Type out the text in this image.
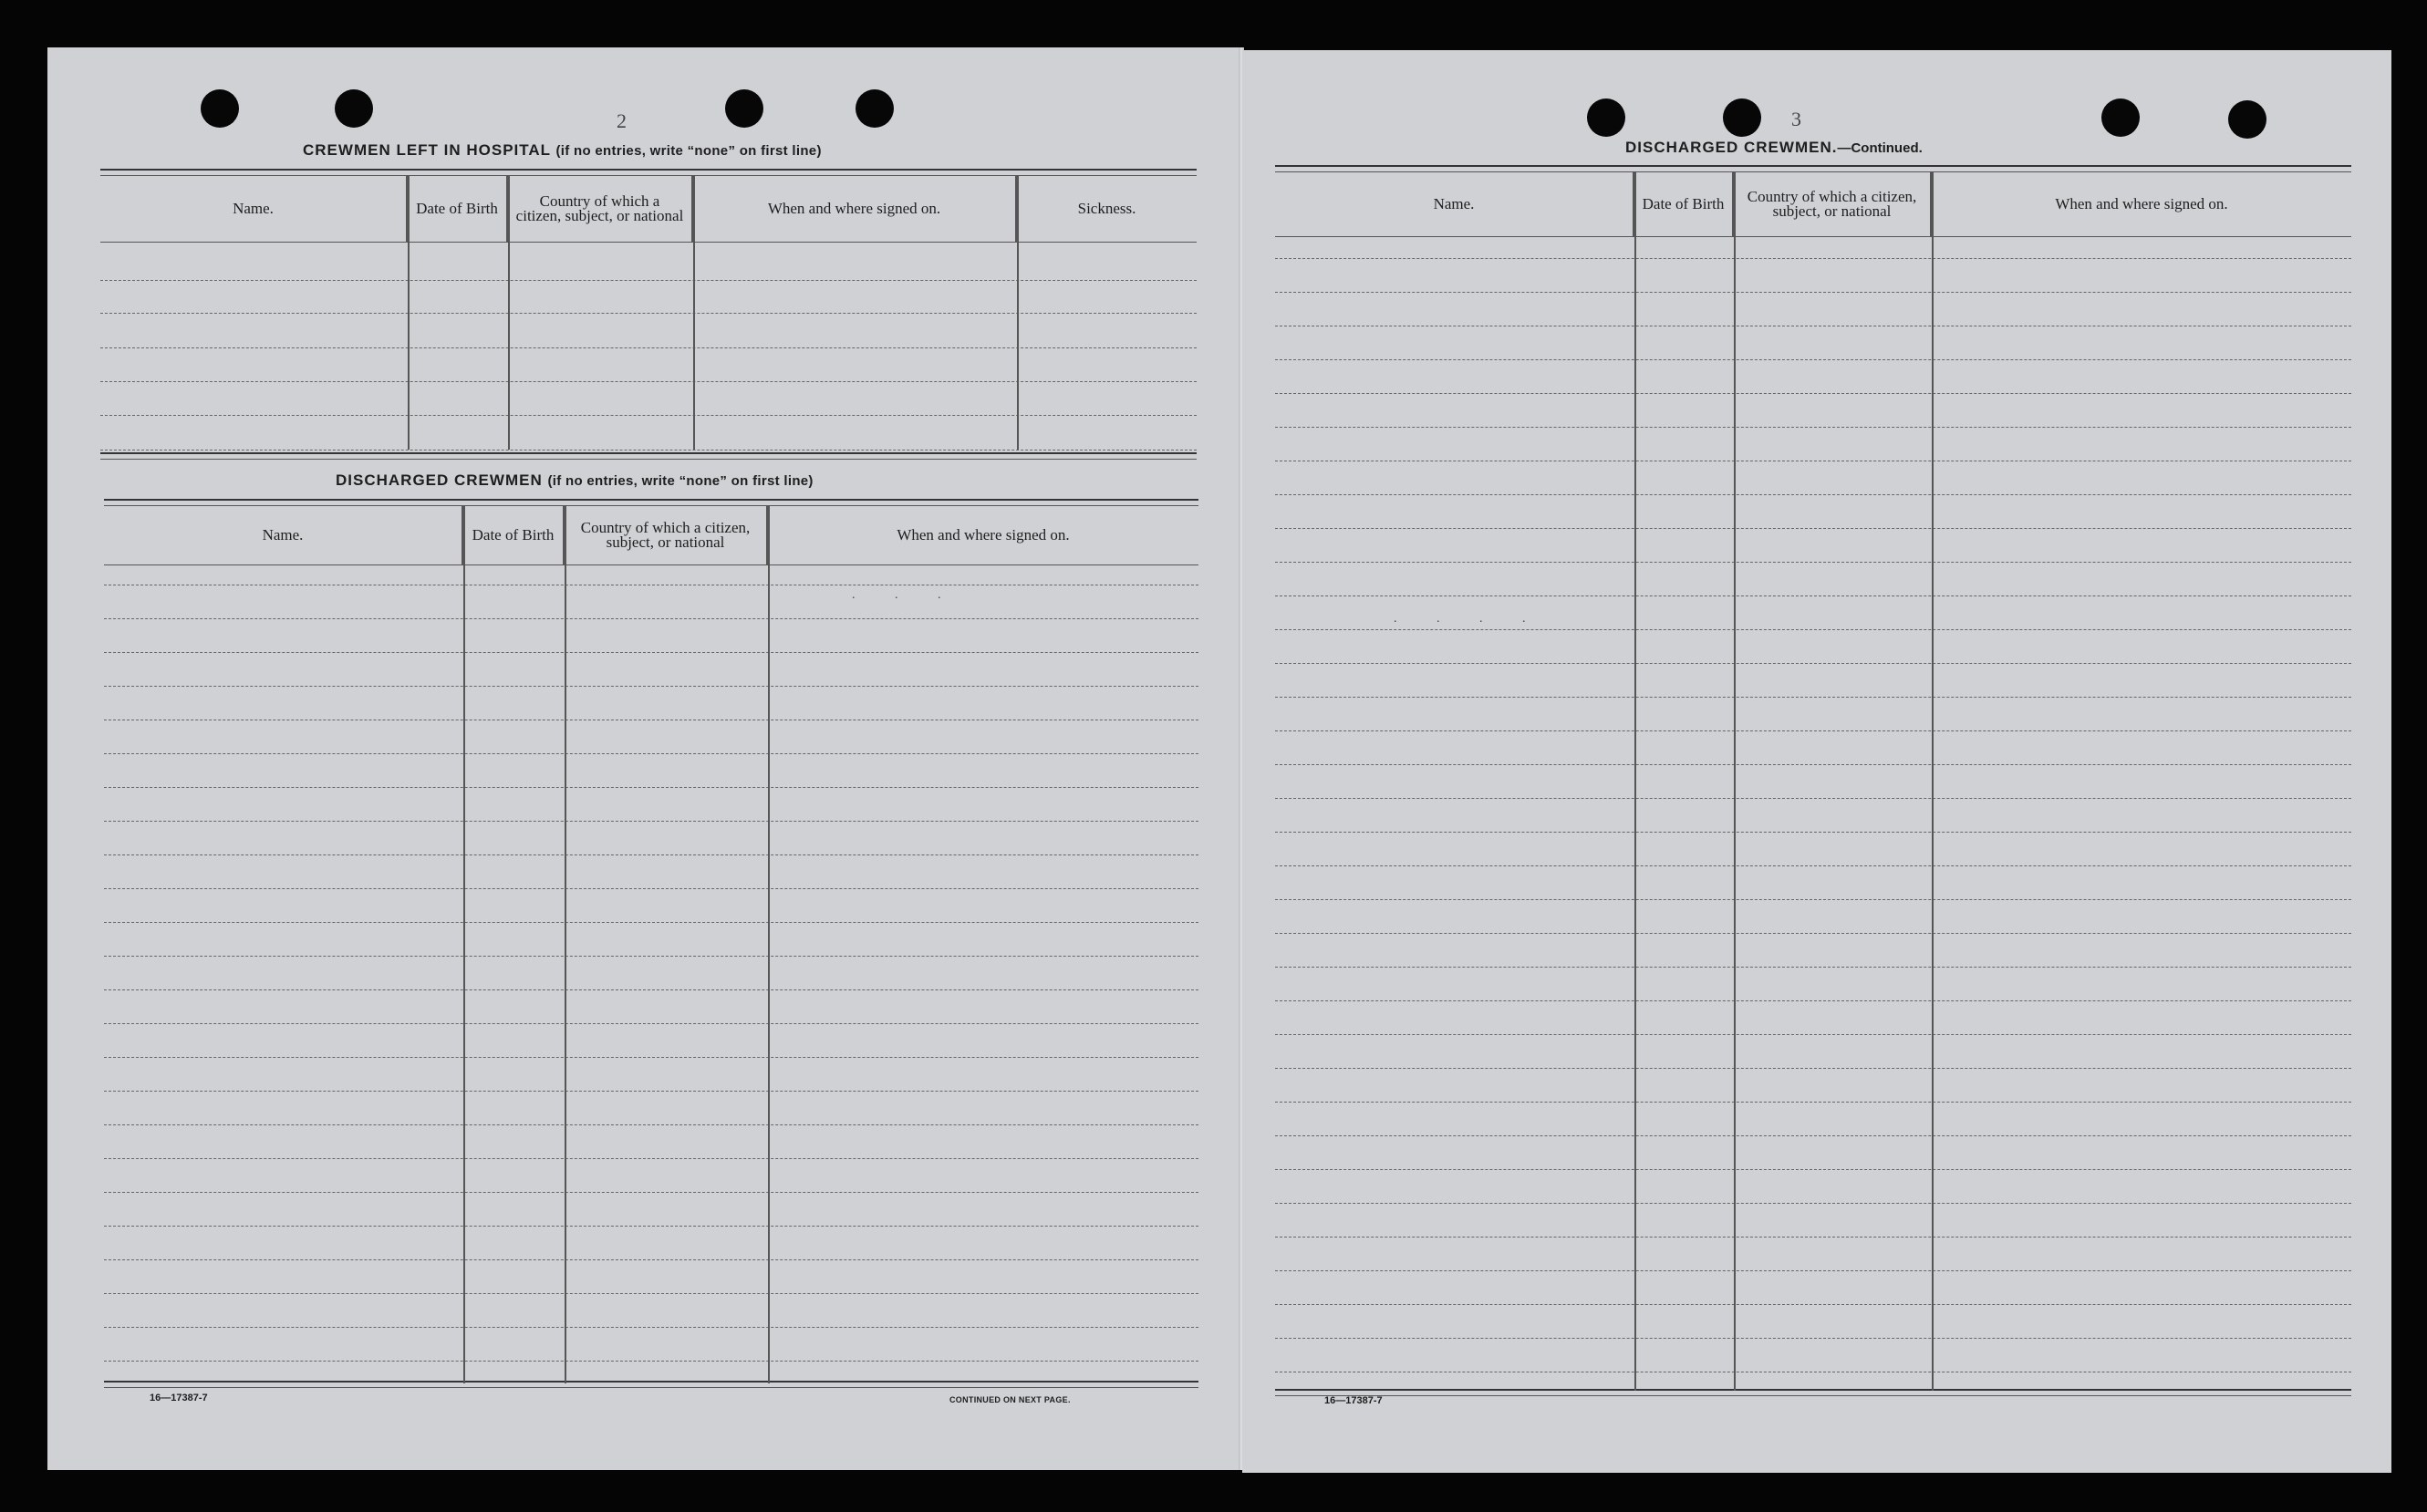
2
CREWMEN LEFT IN HOSPITAL (if no entries, write “none” on first line)
Name.	Date of Birth	Country of which a citizen, subject, or national	When and where signed on.	Sickness.
DISCHARGED CREWMEN (if no entries, write “none” on first line)
Name.	Date of Birth	Country of which a citizen, subject, or national	When and where signed on.
. . .
16—17387-7	CONTINUED ON NEXT PAGE.
3
DISCHARGED CREWMEN.—Continued.
Name.	Date of Birth	Country of which a citizen, subject, or national	When and where signed on.
. . . .
16—17387-7
